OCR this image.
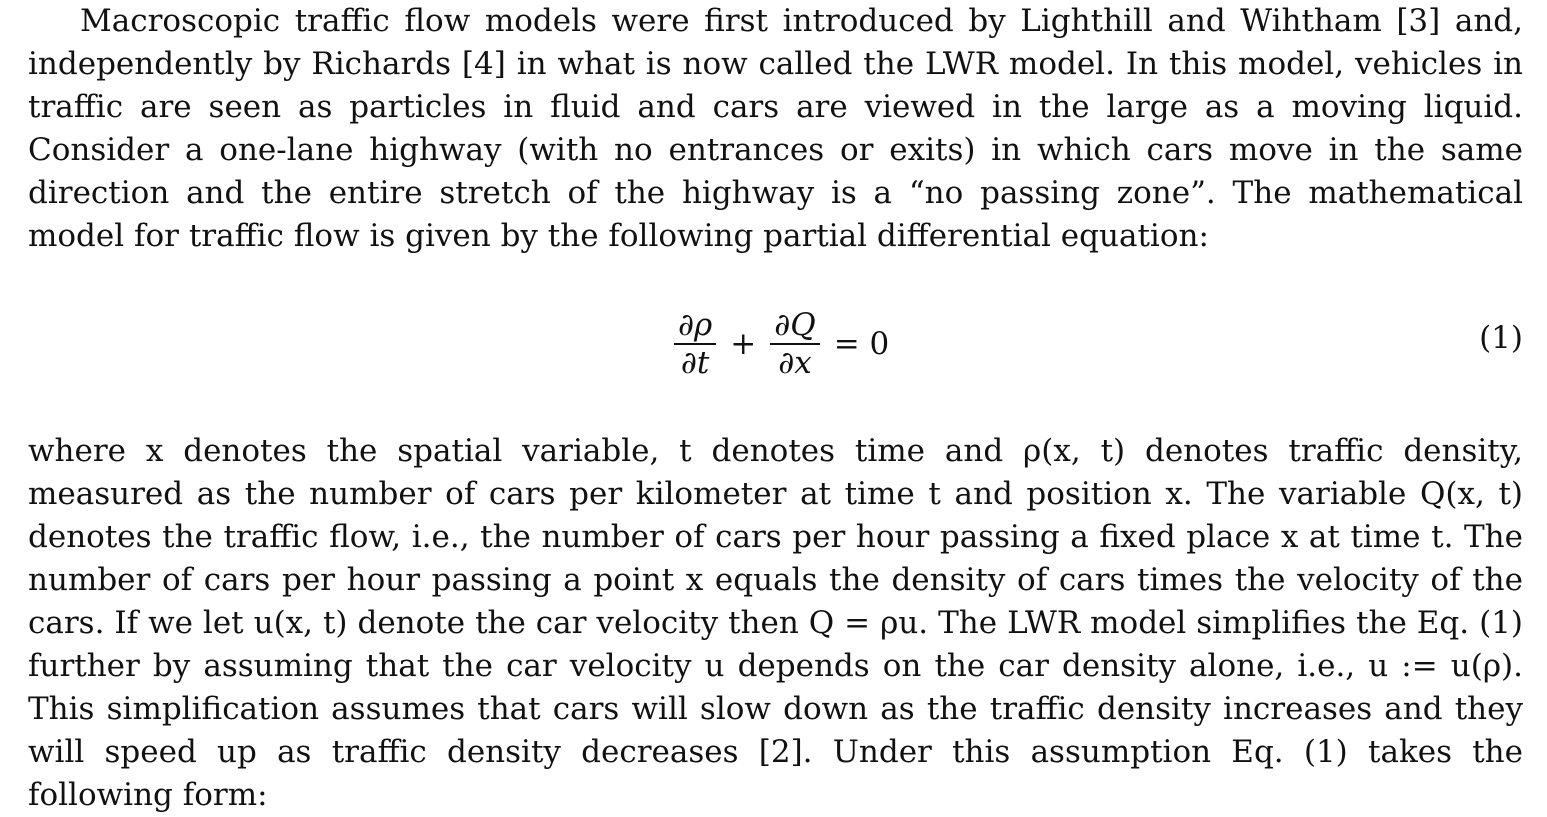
Macroscopic traffic flow models were first introduced by Lighthill and Wihtham [3] and, independently by Richards [4] in what is now called the LWR model. In this model, vehicles in traffic are seen as particles in fluid and cars are viewed in the large as a moving liquid. Consider a one-lane highway (with no entrances or exits) in which cars move in the same direction and the entire stretch of the highway is a “no passing zone”. The mathematical model for traffic flow is given by the following partial differential equation:

$\frac{\partial\rho}{\partial t} + \frac{\partial Q}{\partial x} = 0$	(1)

where x denotes the spatial variable, t denotes time and ρ(x, t) denotes traffic density, measured as the number of cars per kilometer at time t and position x. The variable Q(x, t) denotes the traffic flow, i.e., the number of cars per hour passing a fixed place x at time t. The number of cars per hour passing a point x equals the density of cars times the velocity of the cars. If we let u(x, t) denote the car velocity then Q = ρu. The LWR model simplifies the Eq. (1) further by assuming that the car velocity u depends on the car density alone, i.e., u := u(ρ). This simplification assumes that cars will slow down as the traffic density increases and they will speed up as traffic density decreases [2]. Under this assumption Eq. (1) takes the following form:
